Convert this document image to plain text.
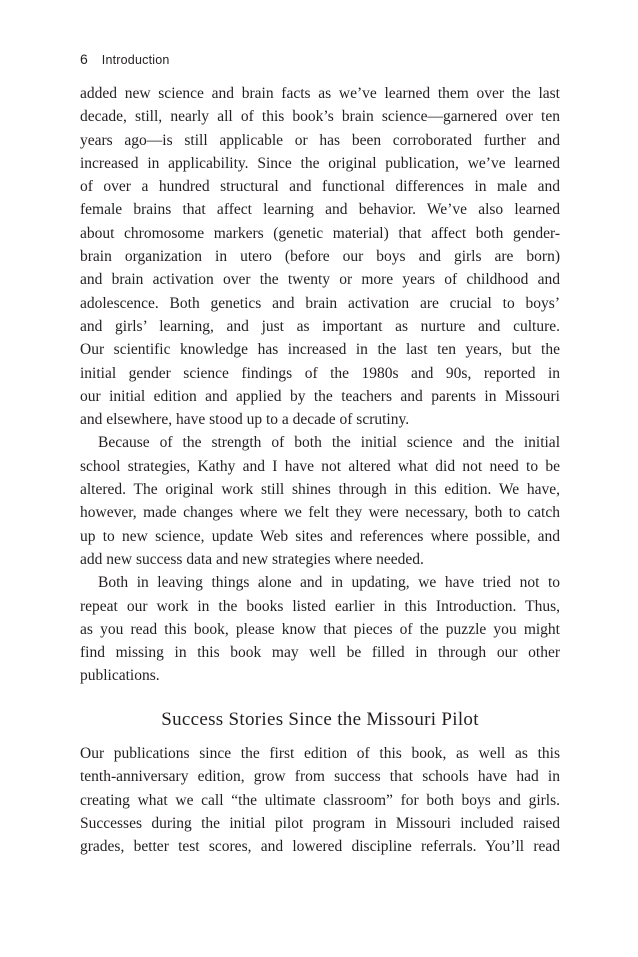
6 Introduction
added new science and brain facts as we’ve learned them over the last
decade, still, nearly all of this book’s brain science—garnered over ten
years ago—is still applicable or has been corroborated further and
increased in applicability. Since the original publication, we’ve learned
of over a hundred structural and functional differences in male and
female brains that affect learning and behavior. We’ve also learned
about chromosome markers (genetic material) that affect both gender-
brain organization in utero (before our boys and girls are born)
and brain activation over the twenty or more years of childhood and
adolescence. Both genetics and brain activation are crucial to boys’
and girls’ learning, and just as important as nurture and culture.
Our scientific knowledge has increased in the last ten years, but the
initial gender science findings of the 1980s and 90s, reported in
our initial edition and applied by the teachers and parents in Missouri
and elsewhere, have stood up to a decade of scrutiny.
Because of the strength of both the initial science and the initial
school strategies, Kathy and I have not altered what did not need to be
altered. The original work still shines through in this edition. We have,
however, made changes where we felt they were necessary, both to catch
up to new science, update Web sites and references where possible, and
add new success data and new strategies where needed.
Both in leaving things alone and in updating, we have tried not to
repeat our work in the books listed earlier in this Introduction. Thus,
as you read this book, please know that pieces of the puzzle you might
find missing in this book may well be filled in through our other
publications.
Success Stories Since the Missouri Pilot
Our publications since the first edition of this book, as well as this
tenth-anniversary edition, grow from success that schools have had in
creating what we call “the ultimate classroom” for both boys and girls.
Successes during the initial pilot program in Missouri included raised
grades, better test scores, and lowered discipline referrals. You’ll read
